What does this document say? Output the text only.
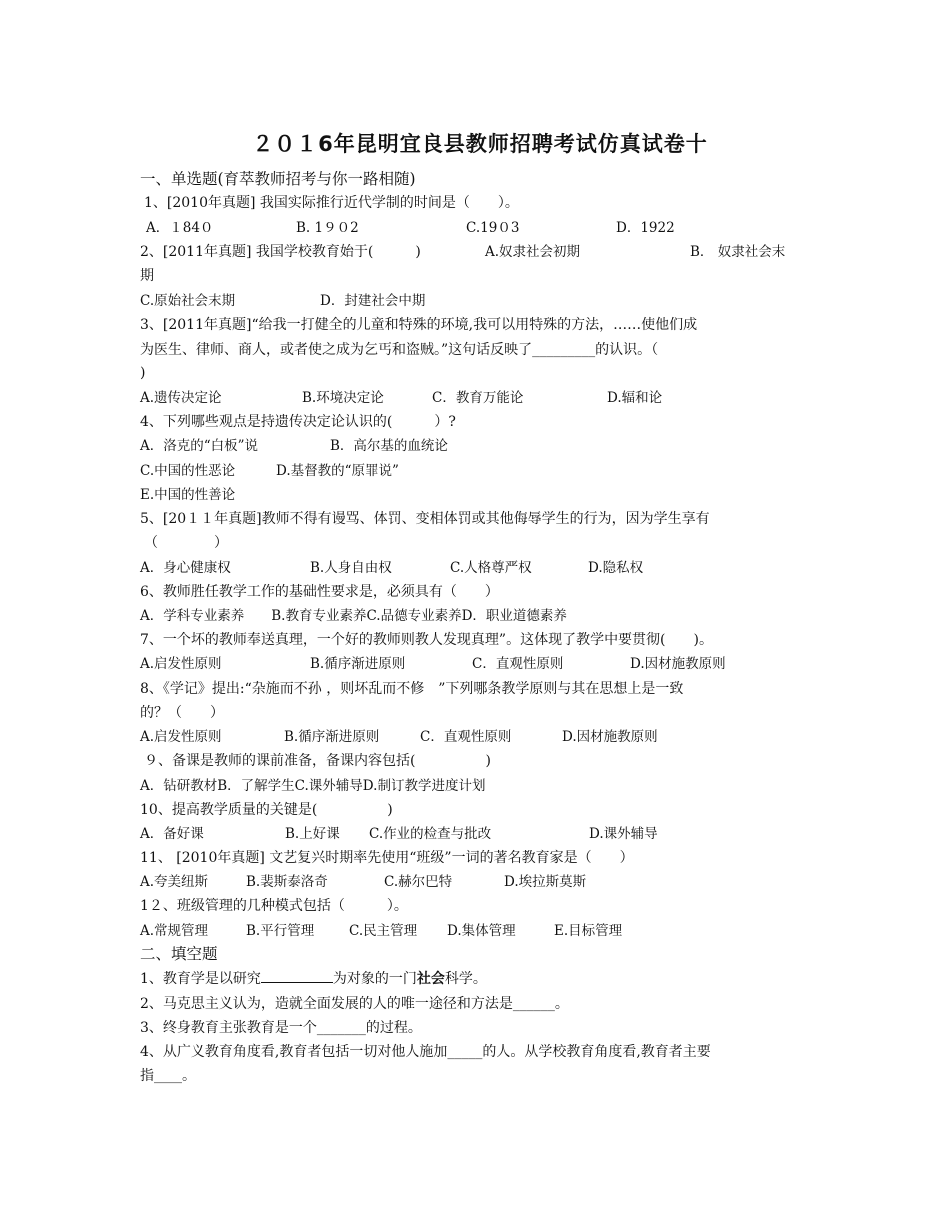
２０１6年昆明宜良县教师招聘考试仿真试卷十
一、单选题(育萃教师招考与你一路相随)
1、[2010年真题] 我国实际推行近代学制的时间是（　　）。
A．１84０	B. 1９０2	C.19０3	D．1922
2、[2011年真题] 我国学校教育始于(　　　)	A.奴隶社会初期	B． 奴隶社会末
期
C.原始社会末期	D．封建社会中期
3、[2011年真题]“给我一打健全的儿童和特殊的环境,我可以用特殊的方法，……使他们成
为医生、律师、商人，或者使之成为乞丐和盗贼。”这句话反映了_________的认识。（
)
A.遗传决定论	B.环境决定论	C．教育万能论	D.辐和论
4、下列哪些观点是持遗传决定论认识的(　　　）?
A．洛克的“白板”说	B．高尔基的血统论
C.中国的性恶论	D.基督教的“原罪说”
E.中国的性善论
5、[20１１年真题]教师不得有谩骂、体罚、变相体罚或其他侮辱学生的行为，因为学生享有
（　　　　）
A．身心健康权	B.人身自由权	C.人格尊严权	D.隐私权
6、教师胜任教学工作的基础性要求是，必须具有（　　）
A．学科专业素养　　B.教育专业素养C.品德专业素养D．职业道德素养
7、一个坏的教师奉送真理，一个好的教师则教人发现真理”。这体现了教学中要贯彻(　　)。
A.启发性原则	B.循序渐进原则	C．直观性原则	D.因材施教原则
8、《学记》提出:“杂施而不孙 ，则坏乱而不修　”下列哪条教学原则与其在思想上是一致
的？（　　）
A.启发性原则	B.循序渐进原则	C．直观性原则	D.因材施教原则
９、备课是教师的课前准备，备课内容包括(　　　　　)
A．钻研教材B．了解学生C.课外辅导D.制订教学进度计划
10、提高教学质量的关键是(　　　　　)
A．备好课	B.上好课	C.作业的检查与批改	D.课外辅导
11、 [2010年真题] 文艺复兴时期率先使用“班级”一词的著名教育家是（　　）
A.夸美纽斯	B.裴斯泰洛奇	C.赫尔巴特	D.埃拉斯莫斯
1２、班级管理的几种模式包括（　　　）。
A.常规管理	B.平行管理	C.民主管理	D.集体管理	E.目标管理
二、填空题
1、教育学是以研究	为对象的一门社会科学。
2、马克思主义认为，造就全面发展的人的唯一途径和方法是______。
3、终身教育主张教育是一个_______的过程。
4、从广义教育角度看,教育者包括一切对他人施加_____的人。从学校教育角度看,教育者主要
指____。
